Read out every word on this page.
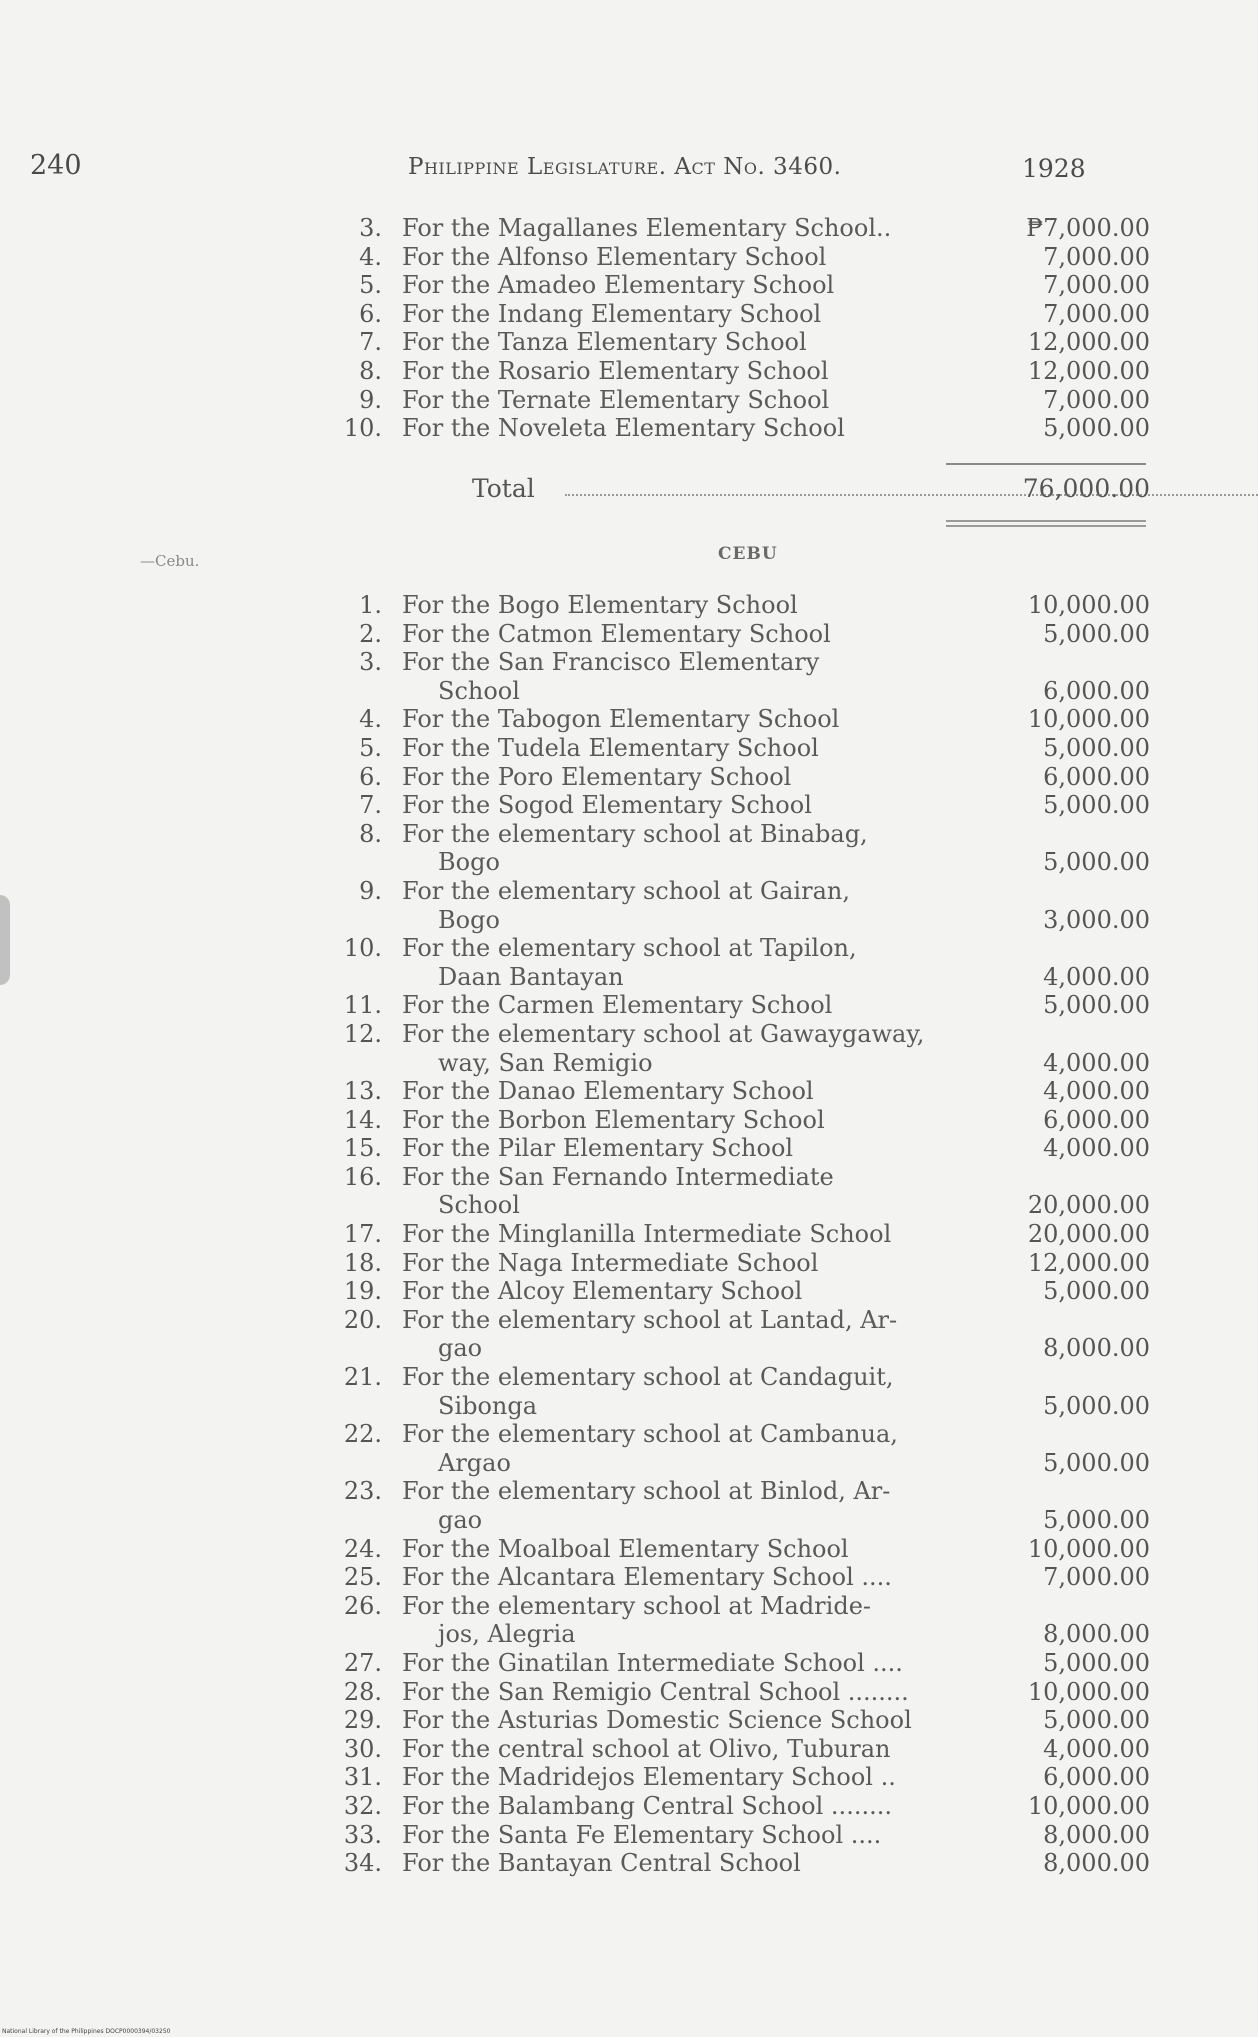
240	Philippine Legislature. Act No. 3460.	1928
3. For the Magallanes Elementary School..	₱7,000.00
4. For the Alfonso Elementary School	7,000.00
5. For the Amadeo Elementary School	7,000.00
6. For the Indang Elementary School	7,000.00
7. For the Tanza Elementary School	12,000.00
8. For the Rosario Elementary School	12,000.00
9. For the Ternate Elementary School	7,000.00
10. For the Noveleta Elementary School	5,000.00
Total	76,000.00
—Cebu.	CEBU
1. For the Bogo Elementary School	10,000.00
2. For the Catmon Elementary School	5,000.00
3. For the San Francisco Elementary
School	6,000.00
4. For the Tabogon Elementary School	10,000.00
5. For the Tudela Elementary School	5,000.00
6. For the Poro Elementary School	6,000.00
7. For the Sogod Elementary School	5,000.00
8. For the elementary school at Binabag,
Bogo	5,000.00
9. For the elementary school at Gairan,
Bogo	3,000.00
10. For the elementary school at Tapilon,
Daan Bantayan	4,000.00
11. For the Carmen Elementary School	5,000.00
12. For the elementary school at Gawaygaway,
way, San Remigio	4,000.00
13. For the Danao Elementary School	4,000.00
14. For the Borbon Elementary School	6,000.00
15. For the Pilar Elementary School	4,000.00
16. For the San Fernando Intermediate
School	20,000.00
17. For the Minglanilla Intermediate School	20,000.00
18. For the Naga Intermediate School	12,000.00
19. For the Alcoy Elementary School	5,000.00
20. For the elementary school at Lantad, Ar-
gao	8,000.00
21. For the elementary school at Candaguit,
Sibonga	5,000.00
22. For the elementary school at Cambanua,
Argao	5,000.00
23. For the elementary school at Binlod, Ar-
gao	5,000.00
24. For the Moalboal Elementary School	10,000.00
25. For the Alcantara Elementary School ....	7,000.00
26. For the elementary school at Madride-
jos, Alegria	8,000.00
27. For the Ginatilan Intermediate School ....	5,000.00
28. For the San Remigio Central School ........	10,000.00
29. For the Asturias Domestic Science School	5,000.00
30. For the central school at Olivo, Tuburan	4,000.00
31. For the Madridejos Elementary School ..	6,000.00
32. For the Balambang Central School ........	10,000.00
33. For the Santa Fe Elementary School ....	8,000.00
34. For the Bantayan Central School	8,000.00
National Library of the Philippines DOCP0000394/03250
